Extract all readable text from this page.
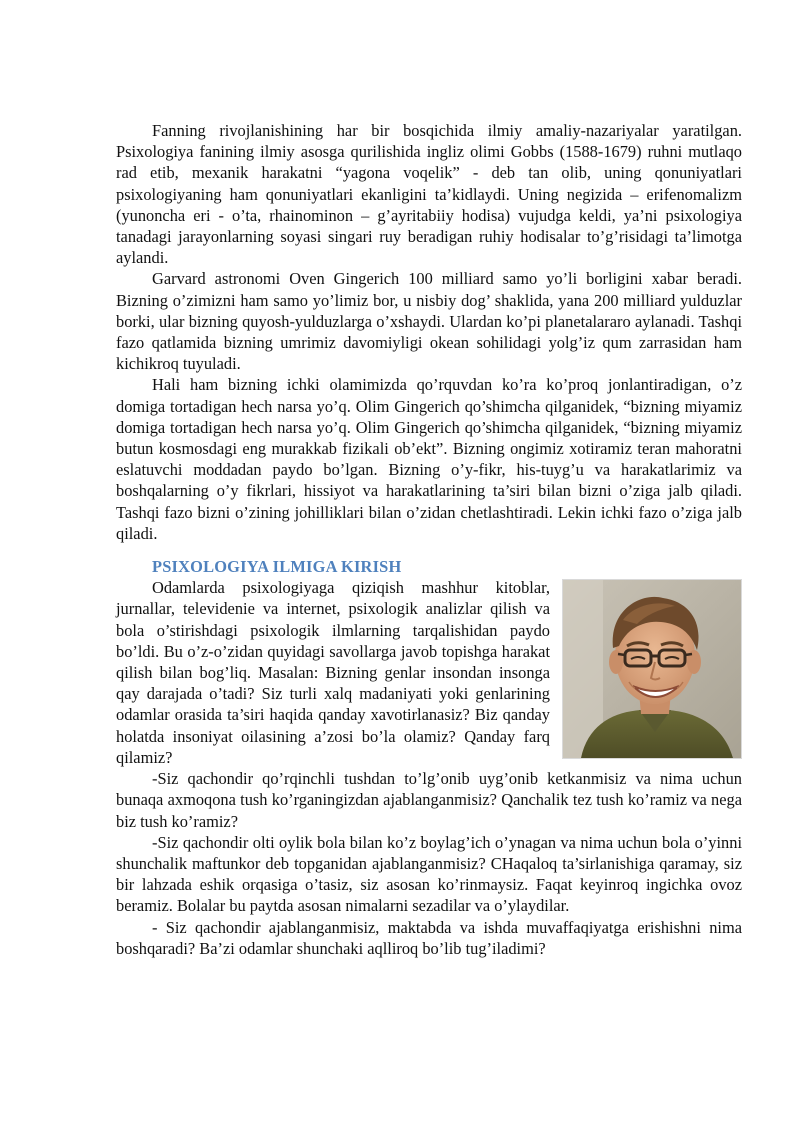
Fanning rivojlanishining har bir bosqichida ilmiy amaliy-nazariyalar yaratilgan. Psixologiya fanining ilmiy asosga qurilishida ingliz olimi Gobbs (1588-1679) ruhni mutlaqo rad etib, mexanik harakatni “yagona voqelik” - deb tan olib, uning qonuniyatlari psixologiyaning ham qonuniyatlari ekanligini ta’kidlaydi. Uning negizida – erifenomalizm (yunoncha eri - o’ta, rhainominon – g’ayritabiiy hodisa) vujudga keldi, ya’ni psixologiya tanadagi jarayonlarning soyasi singari ruy beradigan ruhiy hodisalar to’g’risidagi ta’limotga aylandi.

Garvard astronomi Oven Gingerich 100 milliard samo yo’li borligini xabar beradi. Bizning o’zimizni ham samo yo’limiz bor, u nisbiy dog’ shaklida, yana 200 milliard yulduzlar borki, ular bizning quyosh-yulduzlarga o’xshaydi. Ulardan ko’pi planetalararo aylanadi. Tashqi fazo qatlamida bizning umrimiz davomiyligi okean sohilidagi yolg’iz qum zarrasidan ham kichikroq tuyuladi.

Hali ham bizning ichki olamimizda qo’rquvdan ko’ra ko’proq jonlantiradigan, o’z domiga tortadigan hech narsa yo’q. Olim Gingerich qo’shimcha qilganidek, “bizning miyamiz domiga tortadigan hech narsa yo’q. Olim Gingerich qo’shimcha qilganidek, “bizning miyamiz butun kosmosdagi eng murakkab fizikali ob’ekt”. Bizning ongimiz xotiramiz teran mahoratni eslatuvchi moddadan paydo bo’lgan. Bizning o’y-fikr, his-tuyg’u va harakatlarimiz va boshqalarning o’y fikrlari, hissiyot va harakatlarining ta’siri bilan bizni o’ziga jalb qiladi. Tashqi fazo bizni o’zining johilliklari bilan o’zidan chetlashtiradi. Lekin ichki fazo o’ziga jalb qiladi.

PSIXOLOGIYA ILMIGA KIRISH

Odamlarda psixologiyaga qiziqish mashhur kitoblar, jurnallar, televidenie va internet, psixologik analizlar qilish va bola o’stirishdagi psixologik ilmlarning tarqalishidan paydo bo’ldi. Bu o’z-o’zidan quyidagi savollarga javob topishga harakat qilish bilan bog’liq. Masalan: Bizning genlar insondan insonga qay darajada o’tadi? Siz turli xalq madaniyati yoki genlarining odamlar orasida ta’siri haqida qanday xavotirlanasiz? Biz qanday holatda insoniyat oilasining a’zosi bo’la olamiz? Qanday farq qilamiz?

-Siz qachondir qo’rqinchli tushdan to’lg’onib uyg’onib ketkanmisiz va nima uchun bunaqa axmoqona tush ko’rganingizdan ajablanganmisiz? Qanchalik tez tush ko’ramiz va nega biz tush ko’ramiz?

-Siz qachondir olti oylik bola bilan ko’z boylag’ich o’ynagan va nima uchun bola o’yinni shunchalik maftunkor deb topganidan ajablanganmisiz? CHaqaloq ta’sirlanishiga qaramay, siz bir lahzada eshik orqasiga o’tasiz, siz asosan ko’rinmaysiz. Faqat keyinroq ingichka ovoz beramiz. Bolalar bu paytda asosan nimalarni sezadilar va o’ylaydilar.

- Siz qachondir ajablanganmisiz, maktabda va ishda muvaffaqiyatga erishishni nima boshqaradi? Ba’zi odamlar shunchaki aqlliroq bo’lib tug’iladimi?
